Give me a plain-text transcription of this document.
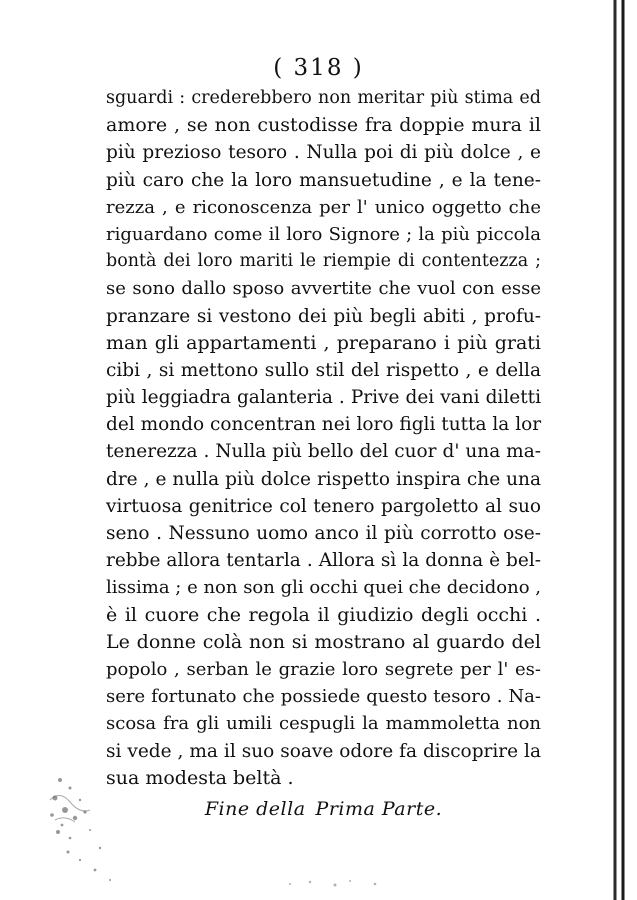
( 318 )
sguardi : crederebbero non meritar più stima ed
amore , se non custodisse fra doppie mura il
più prezioso tesoro . Nulla poi di più dolce , e
più caro che la loro mansuetudine , e la tene-
rezza , e riconoscenza per l' unico oggetto che
riguardano come il loro Signore ; la più piccola
bontà dei loro mariti le riempie di contentezza ;
se sono dallo sposo avvertite che vuol con esse
pranzare si vestono dei più begli abiti , profu-
man gli appartamenti , preparano i più grati
cibi , si mettono sullo stil del rispetto , e della
più leggiadra galanteria . Prive dei vani diletti
del mondo concentran nei loro figli tutta la lor
tenerezza . Nulla più bello del cuor d' una ma-
dre , e nulla più dolce rispetto inspira che una
virtuosa genitrice col tenero pargoletto al suo
seno . Nessuno uomo anco il più corrotto ose-
rebbe allora tentarla . Allora sì la donna è bel-
lissima ; e non son gli occhi quei che decidono ,
è il cuore che regola il giudizio degli occhi .
Le donne colà non si mostrano al guardo del
popolo , serban le grazie loro segrete per l' es-
sere fortunato che possiede questo tesoro . Na-
scosa fra gli umili cespugli la mammoletta non
si vede , ma il suo soave odore fa discoprire la
sua modesta beltà .
Fine della Prima Parte.
